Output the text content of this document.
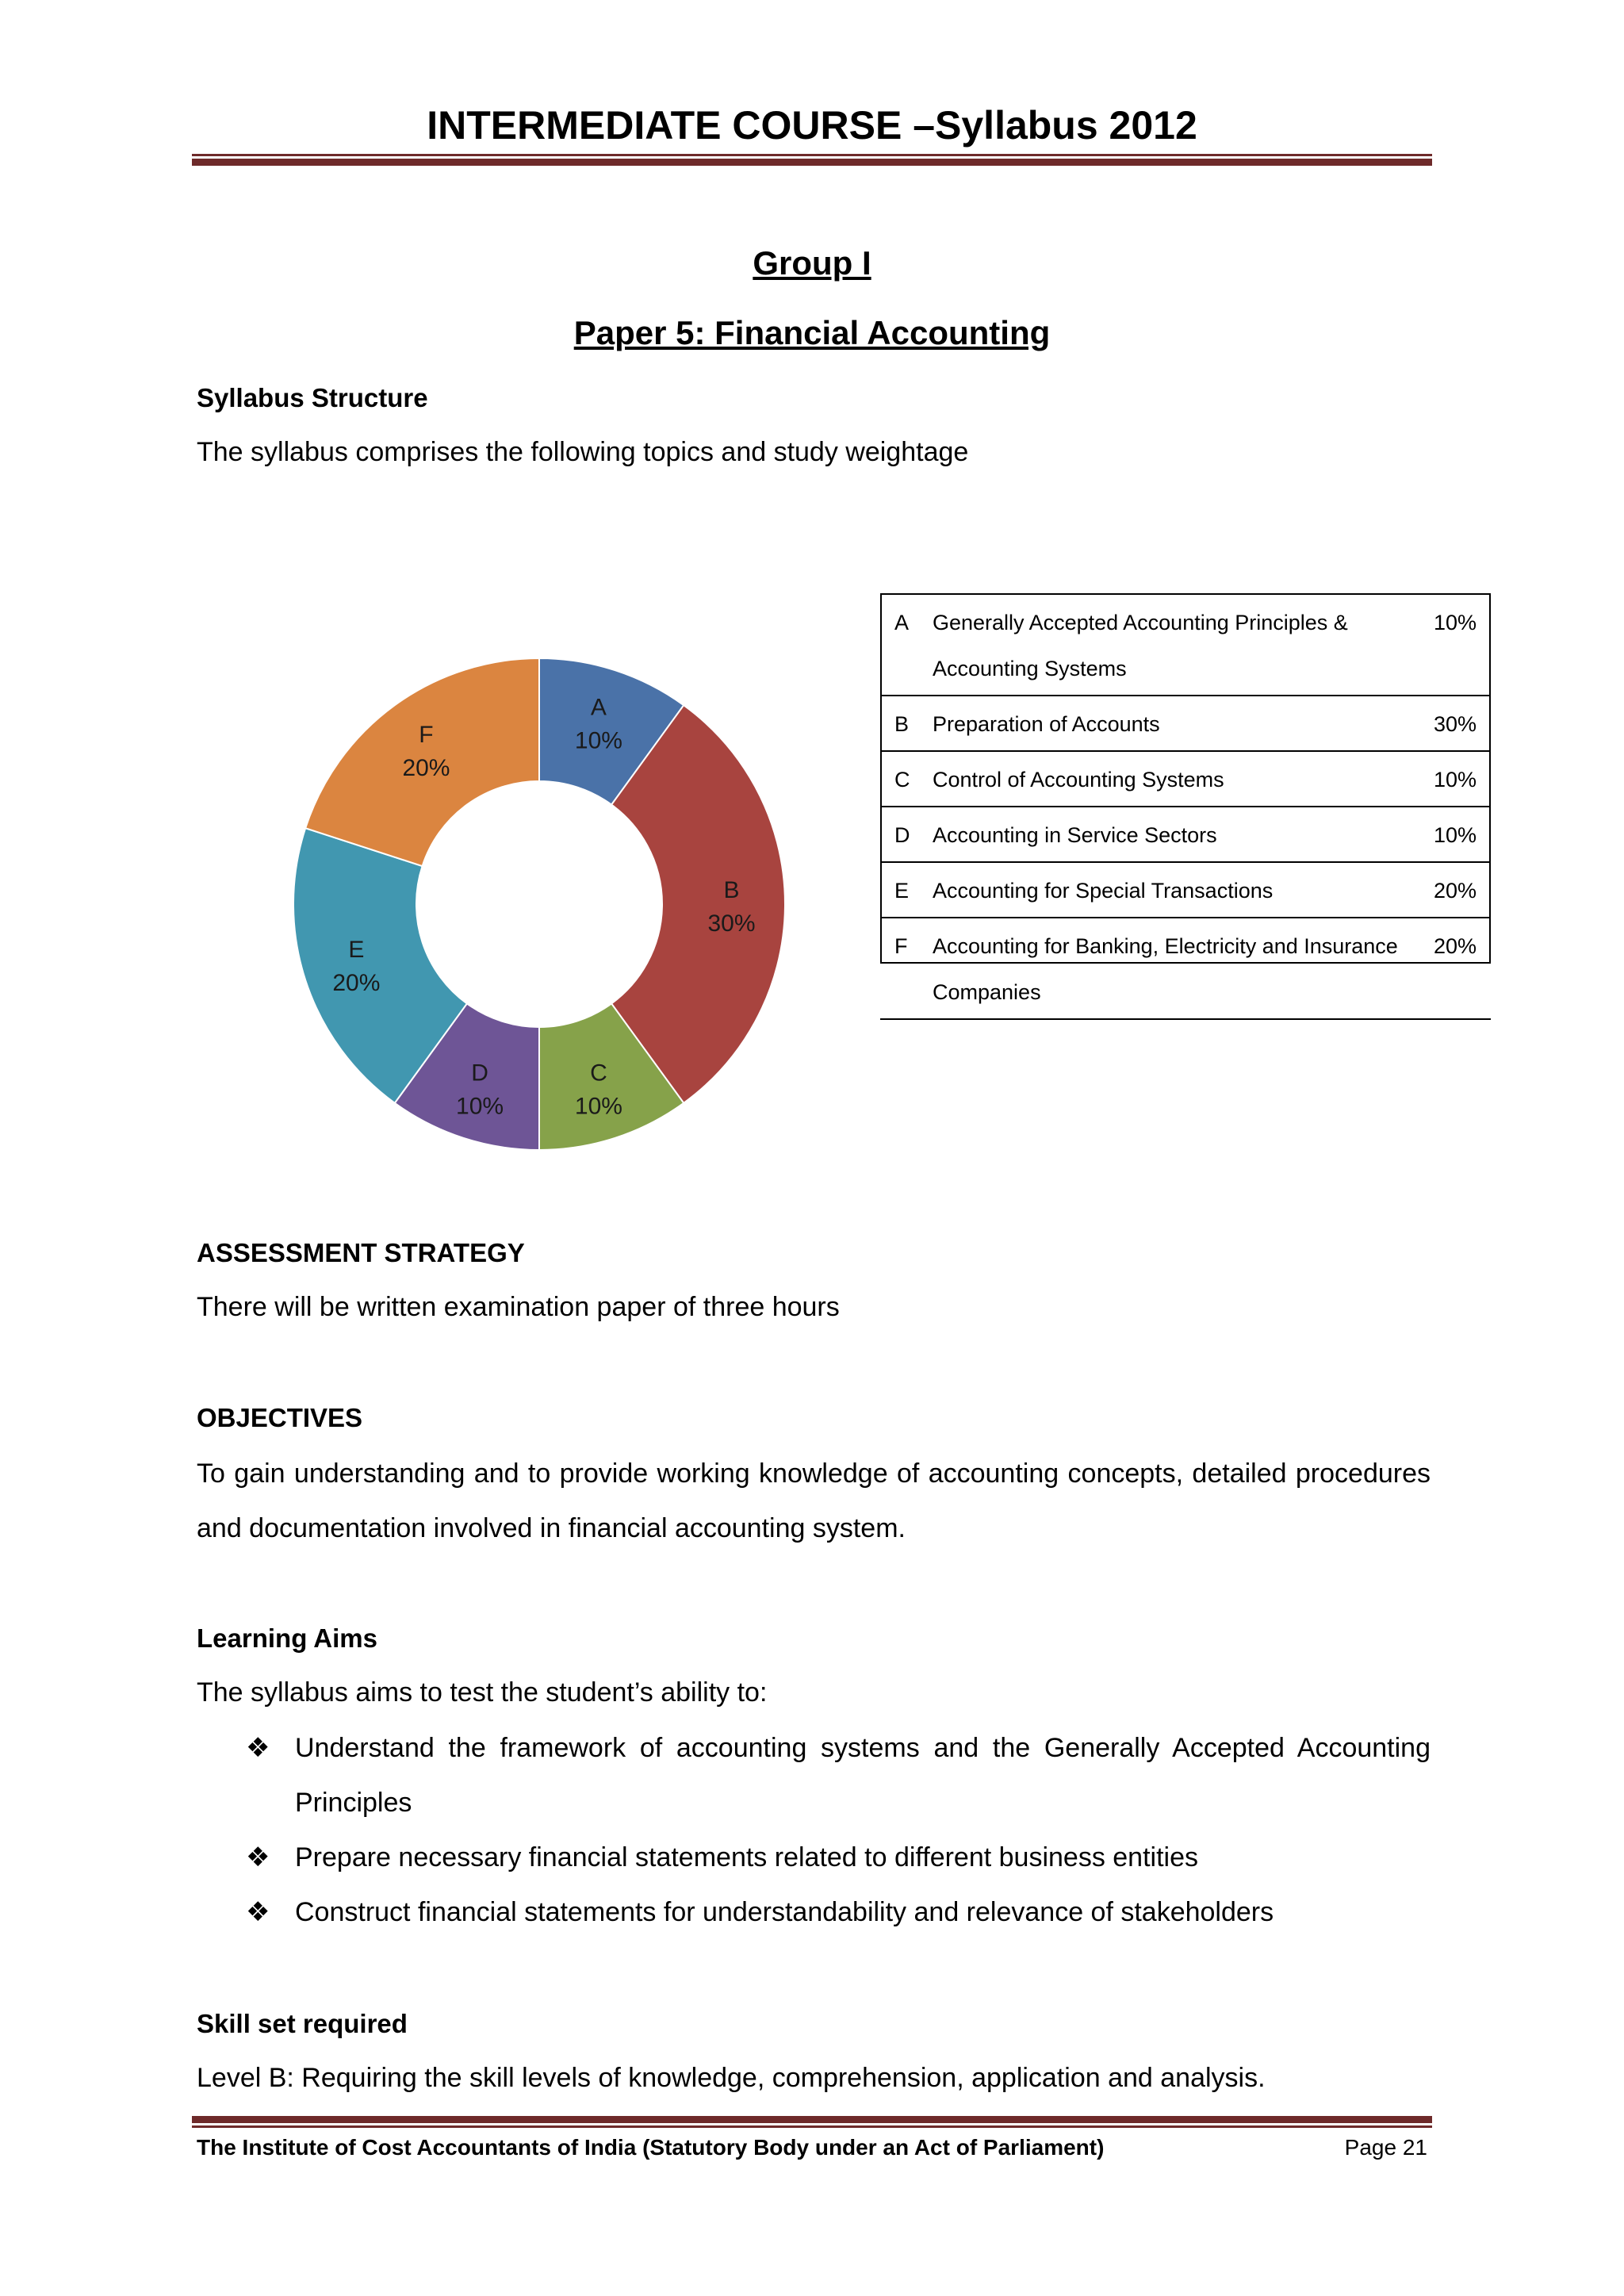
INTERMEDIATE COURSE –Syllabus 2012
Group I
Paper 5: Financial Accounting
Syllabus Structure
The syllabus comprises the following topics and study weightage
A
10%
B
30%
C
10%
D
10%
E
20%
F
20%
A	Generally Accepted Accounting Principles & Accounting Systems	10%
B	Preparation of Accounts	30%
C	Control of Accounting Systems	10%
D	Accounting in Service Sectors	10%
E	Accounting for Special Transactions	20%
F	Accounting for Banking, Electricity and Insurance Companies	20%
ASSESSMENT STRATEGY
There will be written examination paper of three hours
OBJECTIVES
To gain understanding and to provide working knowledge of accounting concepts, detailed procedures and documentation involved in financial accounting system.
Learning Aims
The syllabus aims to test the student’s ability to:
❖ Understand the framework of accounting systems and the Generally Accepted Accounting Principles
❖ Prepare necessary financial statements related to different business entities
❖ Construct financial statements for understandability and relevance of stakeholders
Skill set required
Level B: Requiring the skill levels of knowledge, comprehension, application and analysis.
The Institute of Cost Accountants of India (Statutory Body under an Act of Parliament)	Page 21
